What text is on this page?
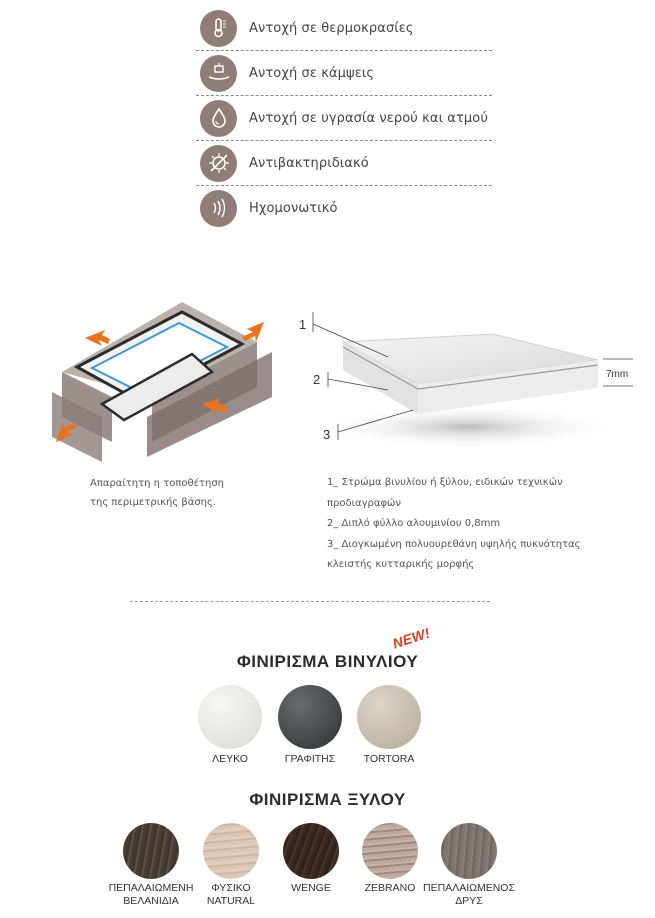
Αντοχή σε θερμοκρασίες
Αντοχή σε κάμψεις
Αντοχή σε υγρασία νερού και ατμού
Αντιβακτηριδιακό
Ηχομονωτικό
Απαραίτητη η τοποθέτηση
της περιμετρικής βάσης.
1
2
3
7mm
1_ Στρώμα βινυλίου ή ξύλου, ειδικών τεχνικών
προδιαγραφών
2_ Διπλό φύλλο αλουμινίου 0,8mm
3_ Διογκωμένη πολυουρεθάνη υψηλής πυκνότητας
κλειστής κυτταρικής μορφής
ΦΙΝΙΡΙΣΜΑ ΒΙΝΥΛΙΟΥ
NEW!
ΛΕΥΚΟ	ΓΡΑΦΙΤΗΣ	TORTORA
ΦΙΝΙΡΙΣΜΑ ΞΥΛΟΥ
ΠΕΠΑΛΑΙΩΜΕΝΗ
ΒΕΛΑΝΙΔΙΑ
ΦΥΣΙΚΟ
NATURAL
WENGE	ZEBRANO ΠΕΠΑΛΑΙΩΜΕΝΟΣ
ΔΡΥΣ
